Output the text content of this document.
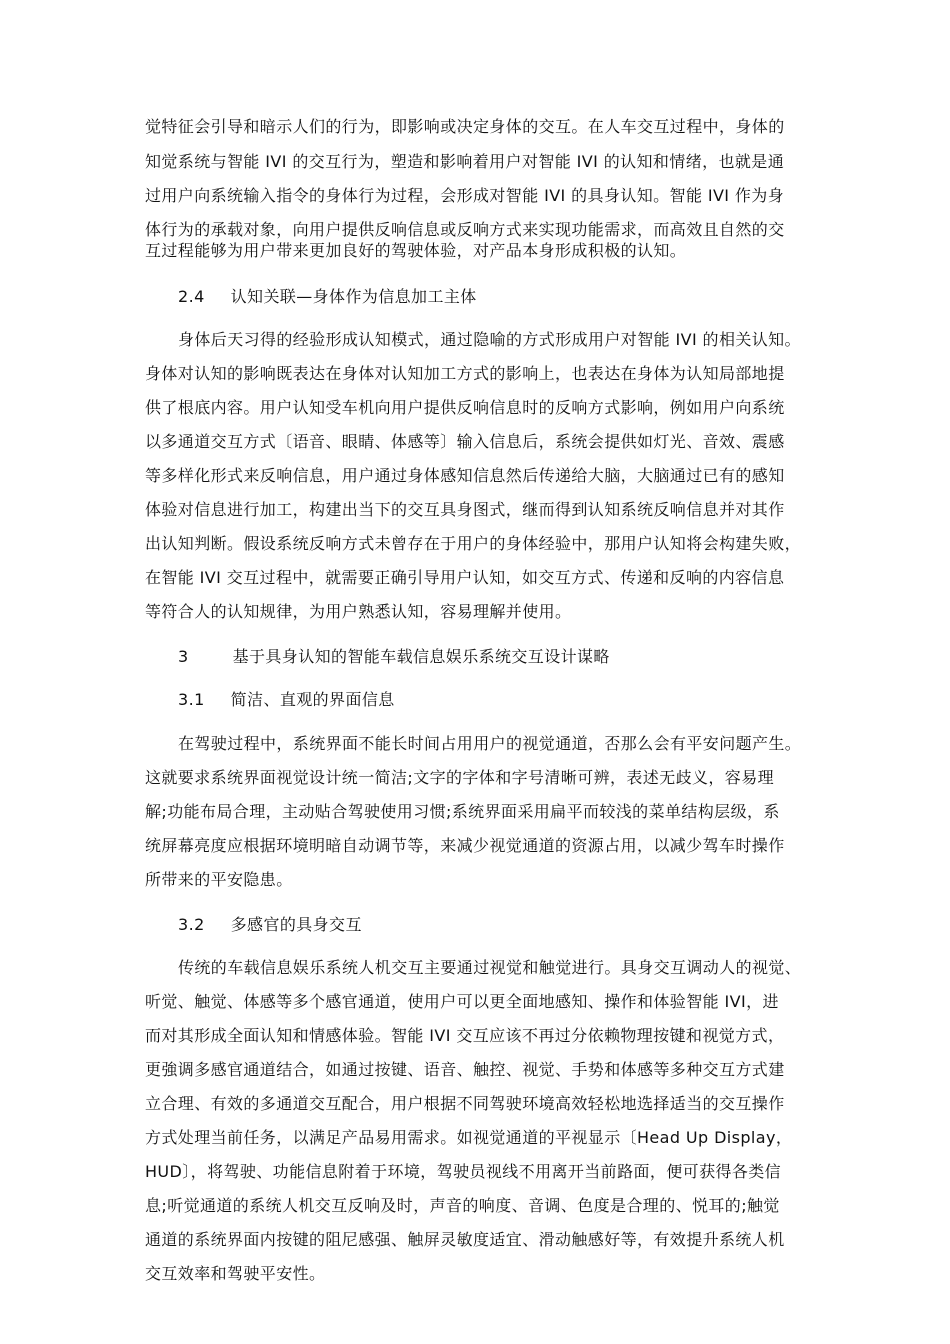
觉特征会引导和暗示人们的行为，即影响或决定身体的交互。在人车交互过程中，身体的
知觉系统与智能 IVI 的交互行为，塑造和影响着用户对智能 IVI 的认知和情绪，也就是通
过用户向系统输入指令的身体行为过程，会形成对智能 IVI 的具身认知。智能 IVI 作为身
体行为的承载对象，向用户提供反响信息或反响方式来实现功能需求，而高效且自然的交
互过程能够为用户带来更加良好的驾驶体验，对产品本身形成积极的认知。
2.4 认知关联—身体作为信息加工主体
身体后天习得的经验形成认知模式，通过隐喻的方式形成用户对智能 IVI 的相关认知。
身体对认知的影响既表达在身体对认知加工方式的影响上，也表达在身体为认知局部地提
供了根底内容。用户认知受车机向用户提供反响信息时的反响方式影响，例如用户向系统
以多通道交互方式〔语音、眼睛、体感等〕输入信息后，系统会提供如灯光、音效、震感
等多样化形式来反响信息，用户通过身体感知信息然后传递给大脑，大脑通过已有的感知
体验对信息进行加工，构建出当下的交互具身图式，继而得到认知系统反响信息并对其作
出认知判断。假设系统反响方式未曾存在于用户的身体经验中，那用户认知将会构建失败，
在智能 IVI 交互过程中，就需要正确引导用户认知，如交互方式、传递和反响的内容信息
等符合人的认知规律，为用户熟悉认知，容易理解并使用。
3	基于具身认知的智能车载信息娱乐系统交互设计谋略
3.1 简洁、直观的界面信息
在驾驶过程中，系统界面不能长时间占用用户的视觉通道，否那么会有平安问题产生。
这就要求系统界面视觉设计统一简洁;文字的字体和字号清晰可辨，表述无歧义，容易理
解;功能布局合理，主动贴合驾驶使用习惯;系统界面采用扁平而较浅的菜单结构层级，系
统屏幕亮度应根据环境明暗自动调节等，来减少视觉通道的资源占用，以减少驾车时操作
所带来的平安隐患。
3.2 多感官的具身交互
传统的车载信息娱乐系统人机交互主要通过视觉和触觉进行。具身交互调动人的视觉、
听觉、触觉、体感等多个感官通道，使用户可以更全面地感知、操作和体验智能 IVI，进
而对其形成全面认知和情感体验。智能 IVI 交互应该不再过分依赖物理按键和视觉方式，
更強调多感官通道结合，如通过按键、语音、触控、视觉、手势和体感等多种交互方式建
立合理、有效的多通道交互配合，用户根据不同驾驶环境高效轻松地选择适当的交互操作
方式处理当前任务，以满足产品易用需求。如视觉通道的平视显示〔Head Up Display，
HUD〕，将驾驶、功能信息附着于环境，驾驶员视线不用离开当前路面，便可获得各类信
息;听觉通道的系统人机交互反响及时，声音的响度、音调、色度是合理的、悦耳的;触觉
通道的系统界面内按键的阻尼感强、触屏灵敏度适宜、滑动触感好等，有效提升系统人机
交互效率和驾驶平安性。
